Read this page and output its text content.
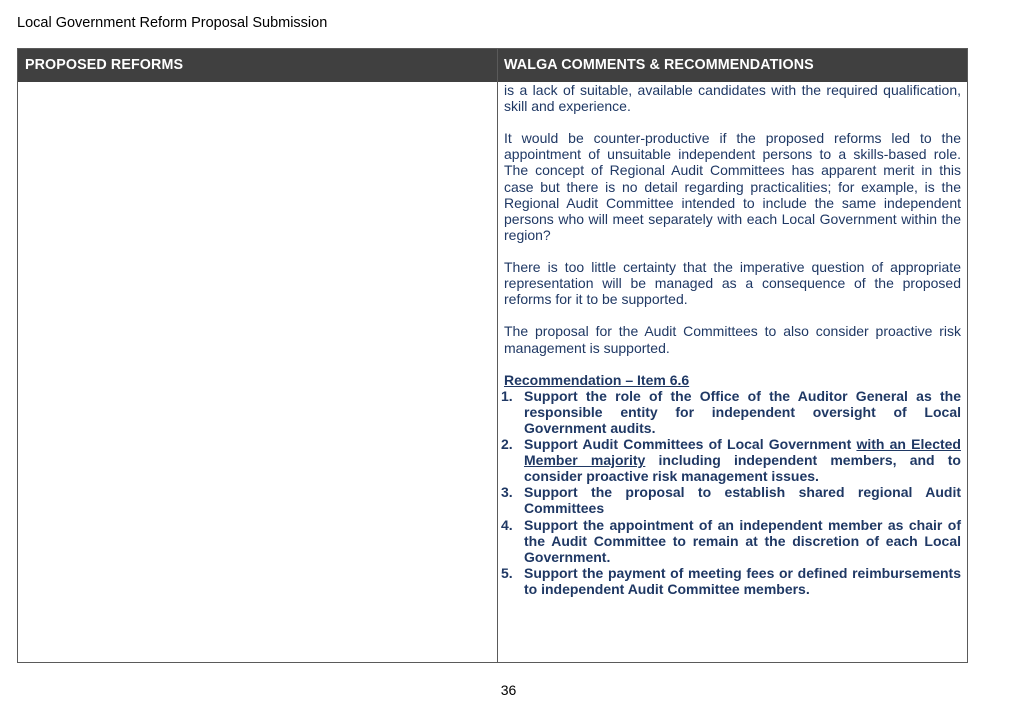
Local Government Reform Proposal Submission
PROPOSED REFORMS	WALGA COMMENTS & RECOMMENDATIONS

is a lack of suitable, available candidates with the required qualification, skill and experience.

It would be counter-productive if the proposed reforms led to the appointment of unsuitable independent persons to a skills-based role. The concept of Regional Audit Committees has apparent merit in this case but there is no detail regarding practicalities; for example, is the Regional Audit Committee intended to include the same independent persons who will meet separately with each Local Government within the region?

There is too little certainty that the imperative question of appropriate representation will be managed as a consequence of the proposed reforms for it to be supported.

The proposal for the Audit Committees to also consider proactive risk management is supported.

Recommendation – Item 6.6
1. Support the role of the Office of the Auditor General as the responsible entity for independent oversight of Local Government audits.
2. Support Audit Committees of Local Government with an Elected Member majority including independent members, and to consider proactive risk management issues.
3. Support the proposal to establish shared regional Audit Committees
4. Support the appointment of an independent member as chair of the Audit Committee to remain at the discretion of each Local Government.
5. Support the payment of meeting fees or defined reimbursements to independent Audit Committee members.
36
